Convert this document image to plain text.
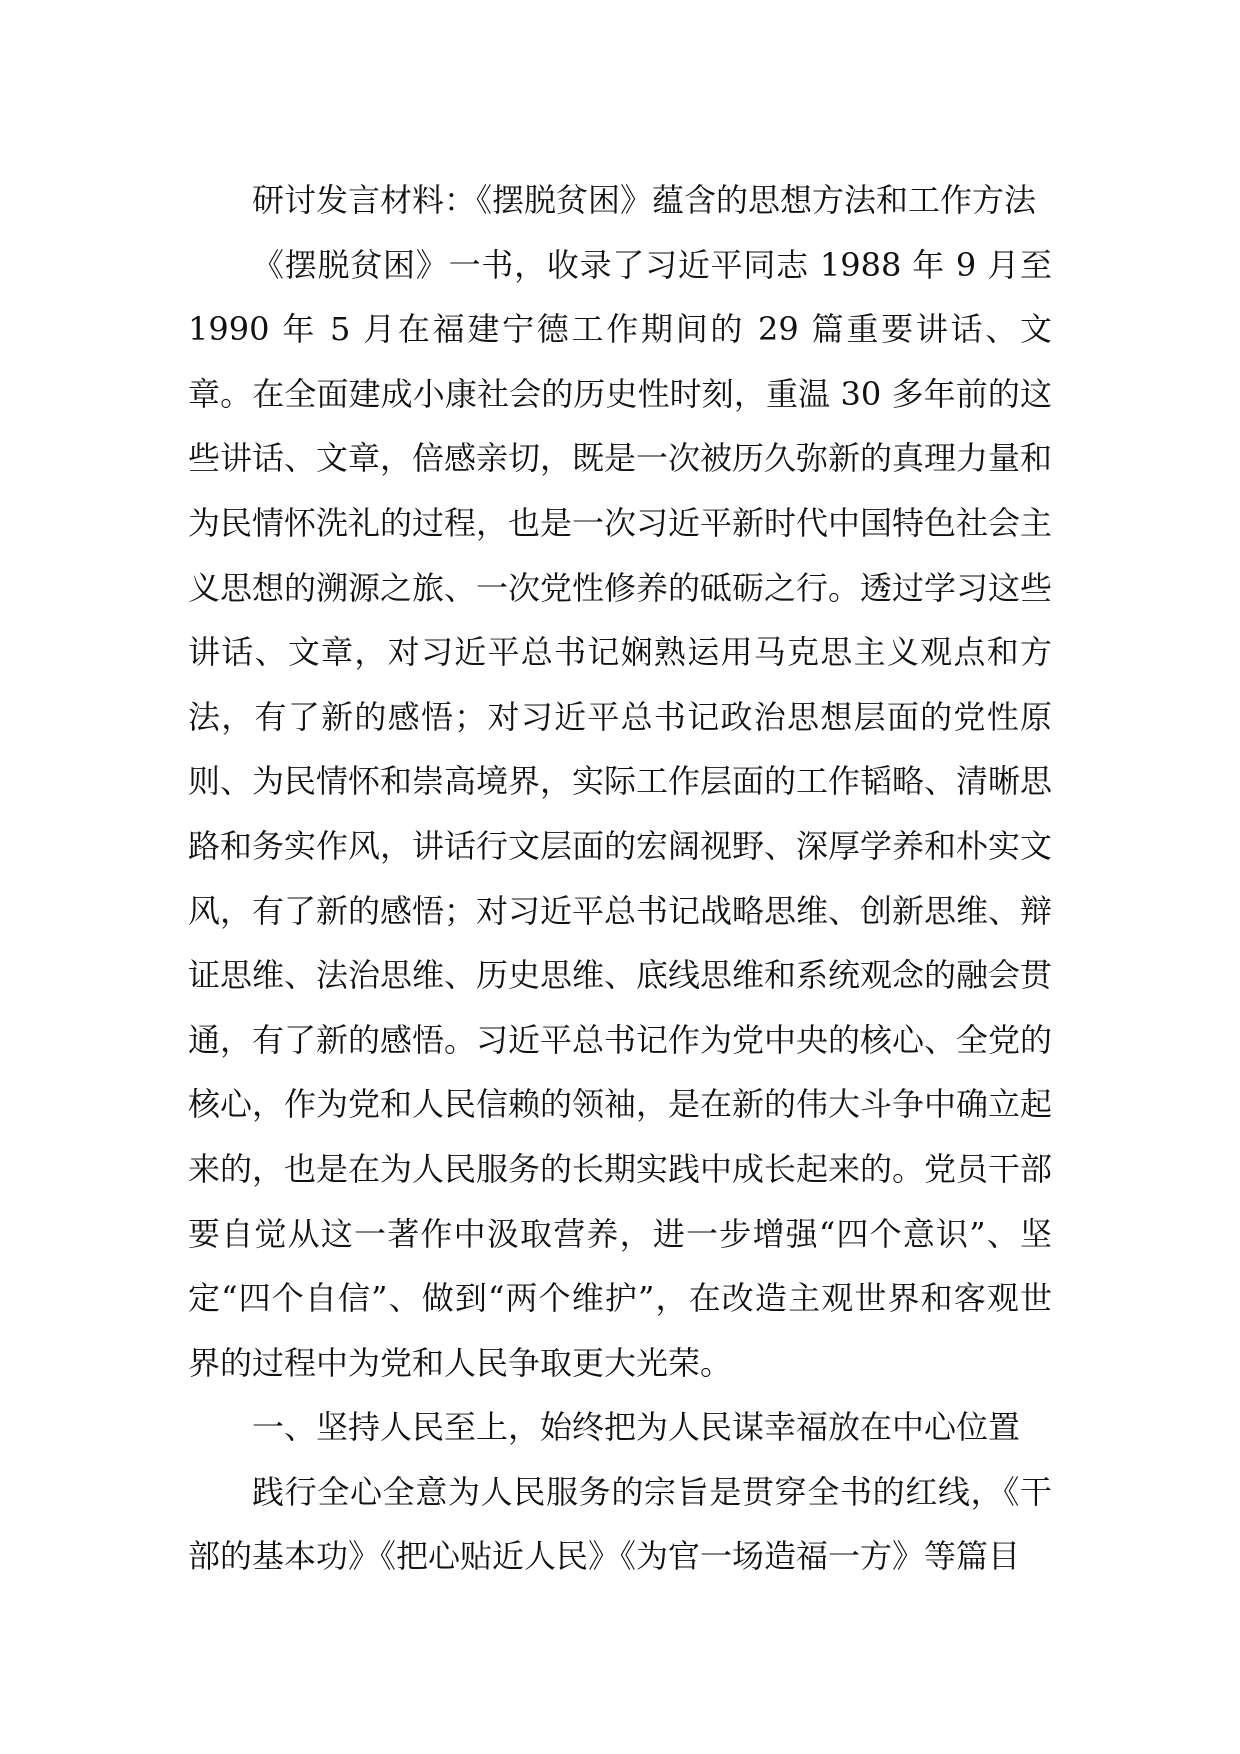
研讨发言材料：《摆脱贫困》蕴含的思想方法和工作方法

《摆脱贫困》一书，收录了习近平同志 1988 年 9 月至 1990 年 5 月在福建宁德工作期间的 29 篇重要讲话、文章。在全面建成小康社会的历史性时刻，重温 30 多年前的这些讲话、文章，倍感亲切，既是一次被历久弥新的真理力量和为民情怀洗礼的过程，也是一次习近平新时代中国特色社会主义思想的溯源之旅、一次党性修养的砥砺之行。透过学习这些讲话、文章，对习近平总书记娴熟运用马克思主义观点和方法，有了新的感悟；对习近平总书记政治思想层面的党性原则、为民情怀和崇高境界，实际工作层面的工作韬略、清晰思路和务实作风，讲话行文层面的宏阔视野、深厚学养和朴实文风，有了新的感悟；对习近平总书记战略思维、创新思维、辩证思维、法治思维、历史思维、底线思维和系统观念的融会贯通，有了新的感悟。习近平总书记作为党中央的核心、全党的核心，作为党和人民信赖的领袖，是在新的伟大斗争中确立起来的，也是在为人民服务的长期实践中成长起来的。党员干部要自觉从这一著作中汲取营养，进一步增强“四个意识”、坚定“四个自信”、做到“两个维护”，在改造主观世界和客观世界的过程中为党和人民争取更大光荣。

一、坚持人民至上，始终把为人民谋幸福放在中心位置

践行全心全意为人民服务的宗旨是贯穿全书的红线，《干部的基本功》《把心贴近人民》《为官一场造福一方》等篇目
